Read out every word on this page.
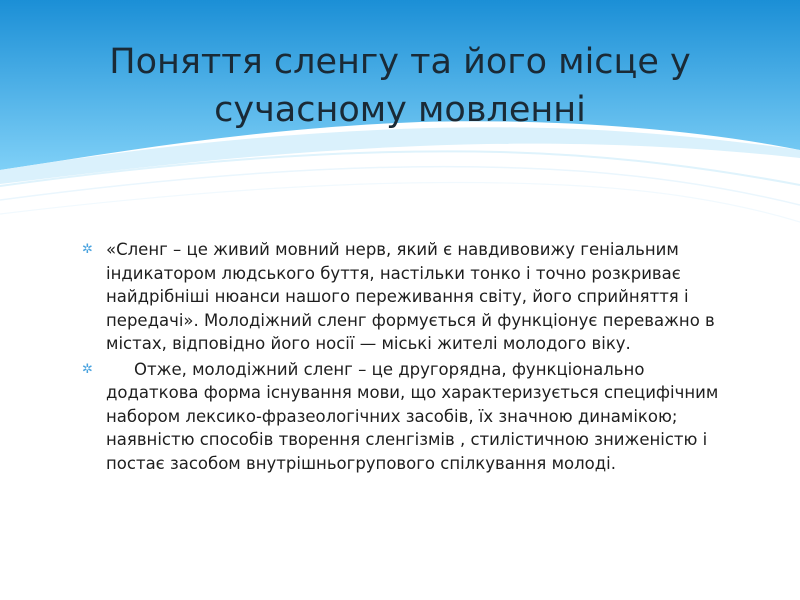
Поняття сленгу та його місце у сучасному мовленні

✲ «Сленг – це живий мовний нерв, який є навдивовижу геніальним індикатором людського буття, настільки тонко і точно розкриває найдрібніші нюанси нашого переживання світу, його сприйняття і передачі». Молодіжний сленг формується й функціонує переважно в містах, відповідно його носії — міські жителі молодого віку.

✲ Отже, молодіжний сленг – це другорядна, функціонально додаткова форма існування мови, що характеризується специфічним набором лексико-фразеологічних засобів, їх значною динамікою; наявністю способів творення сленгізмів , стилістичною зниженістю і постає засобом внутрішньогрупового спілкування молоді.
